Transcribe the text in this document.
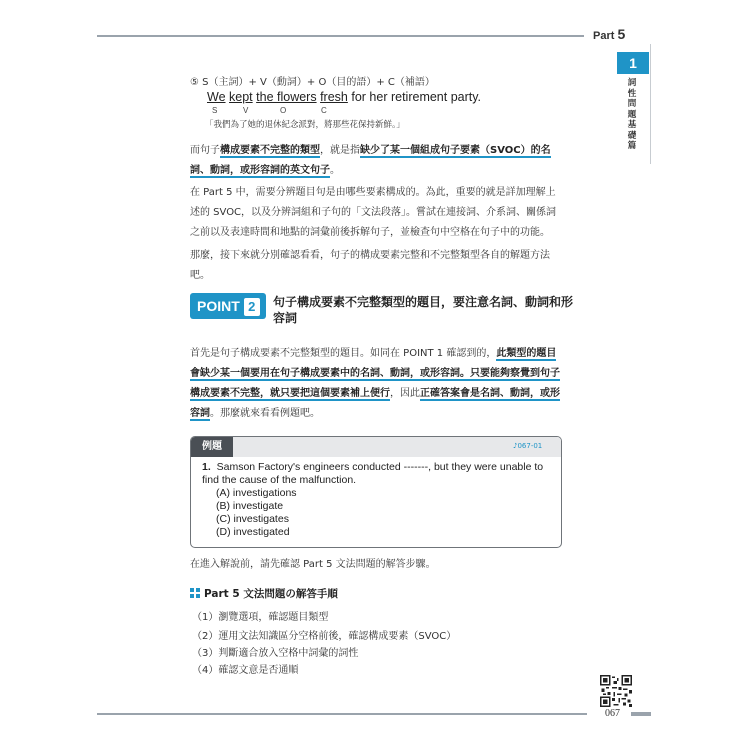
Part 5
1
詞性問題基礎篇
⑤ S（主詞）+ V（動詞）+ O（目的語）+ C（補語）
We kept the flowers fresh for her retirement party.
S	V	O	C
「我們為了她的退休紀念派對，將那些花保持新鮮。」
而句子構成要素不完整的類型，就是指缺少了某一個組成句子要素（SVOC）的名詞、動詞，或形容詞的英文句子。
在 Part 5 中，需要分辨題目句是由哪些要素構成的。為此，重要的就是詳加理解上述的 SVOC，以及分辨詞組和子句的「文法段落」。嘗試在連接詞、介系詞、關係詞之前以及表達時間和地點的詞彙前後拆解句子，並檢查句中空格在句子中的功能。
那麼，接下來就分別確認看看，句子的構成要素完整和不完整類型各自的解題方法吧。
POINT 2	句子構成要素不完整類型的題目，要注意名詞、動詞和形容詞
首先是句子構成要素不完整類型的題目。如同在 POINT 1 確認到的，此類型的題目會缺少某一個要用在句子構成要素中的名詞、動詞，或形容詞。只要能夠察覺到句子構成要素不完整，就只要把這個要素補上便行，因此正確答案會是名詞、動詞，或形容詞。那麼就來看看例題吧。
例題	♪067-01
1. Samson Factory's engineers conducted -------, but they were unable to find the cause of the malfunction.
(A) investigations
(B) investigate
(C) investigates
(D) investigated
在進入解說前，請先確認 Part 5 文法問題的解答步驟。
Part 5 文法問題の解答手順
（1）瀏覽選項，確認題目類型
（2）運用文法知識區分空格前後，確認構成要素（SVOC）
（3）判斷適合放入空格中詞彙的詞性
（4）確認文意是否通順
067
